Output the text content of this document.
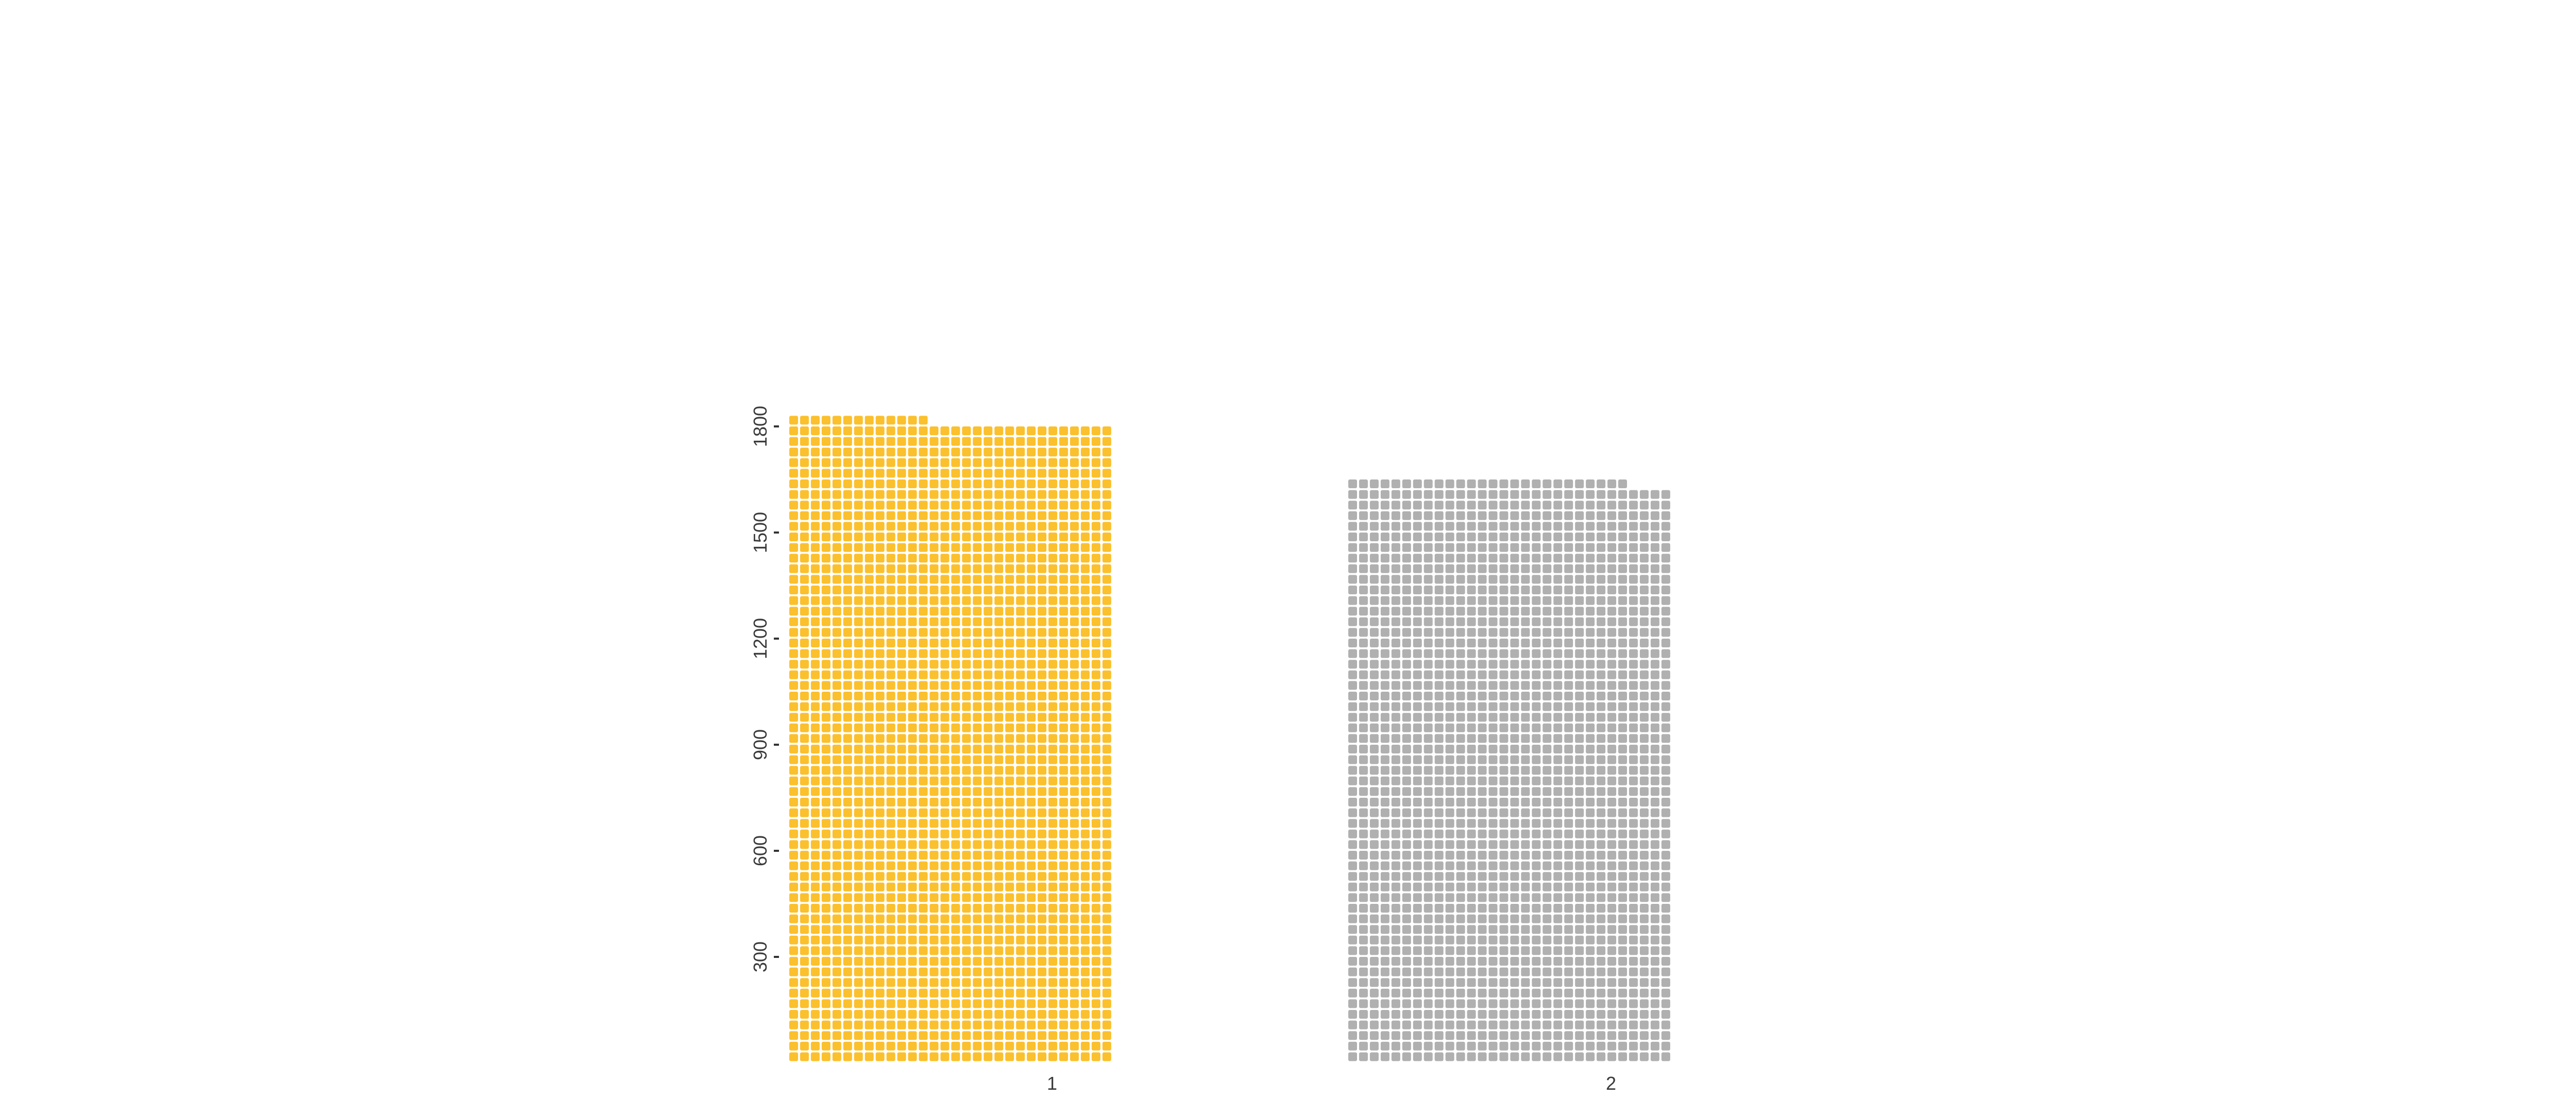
300
600
900
1200
1500
1800
1	2
